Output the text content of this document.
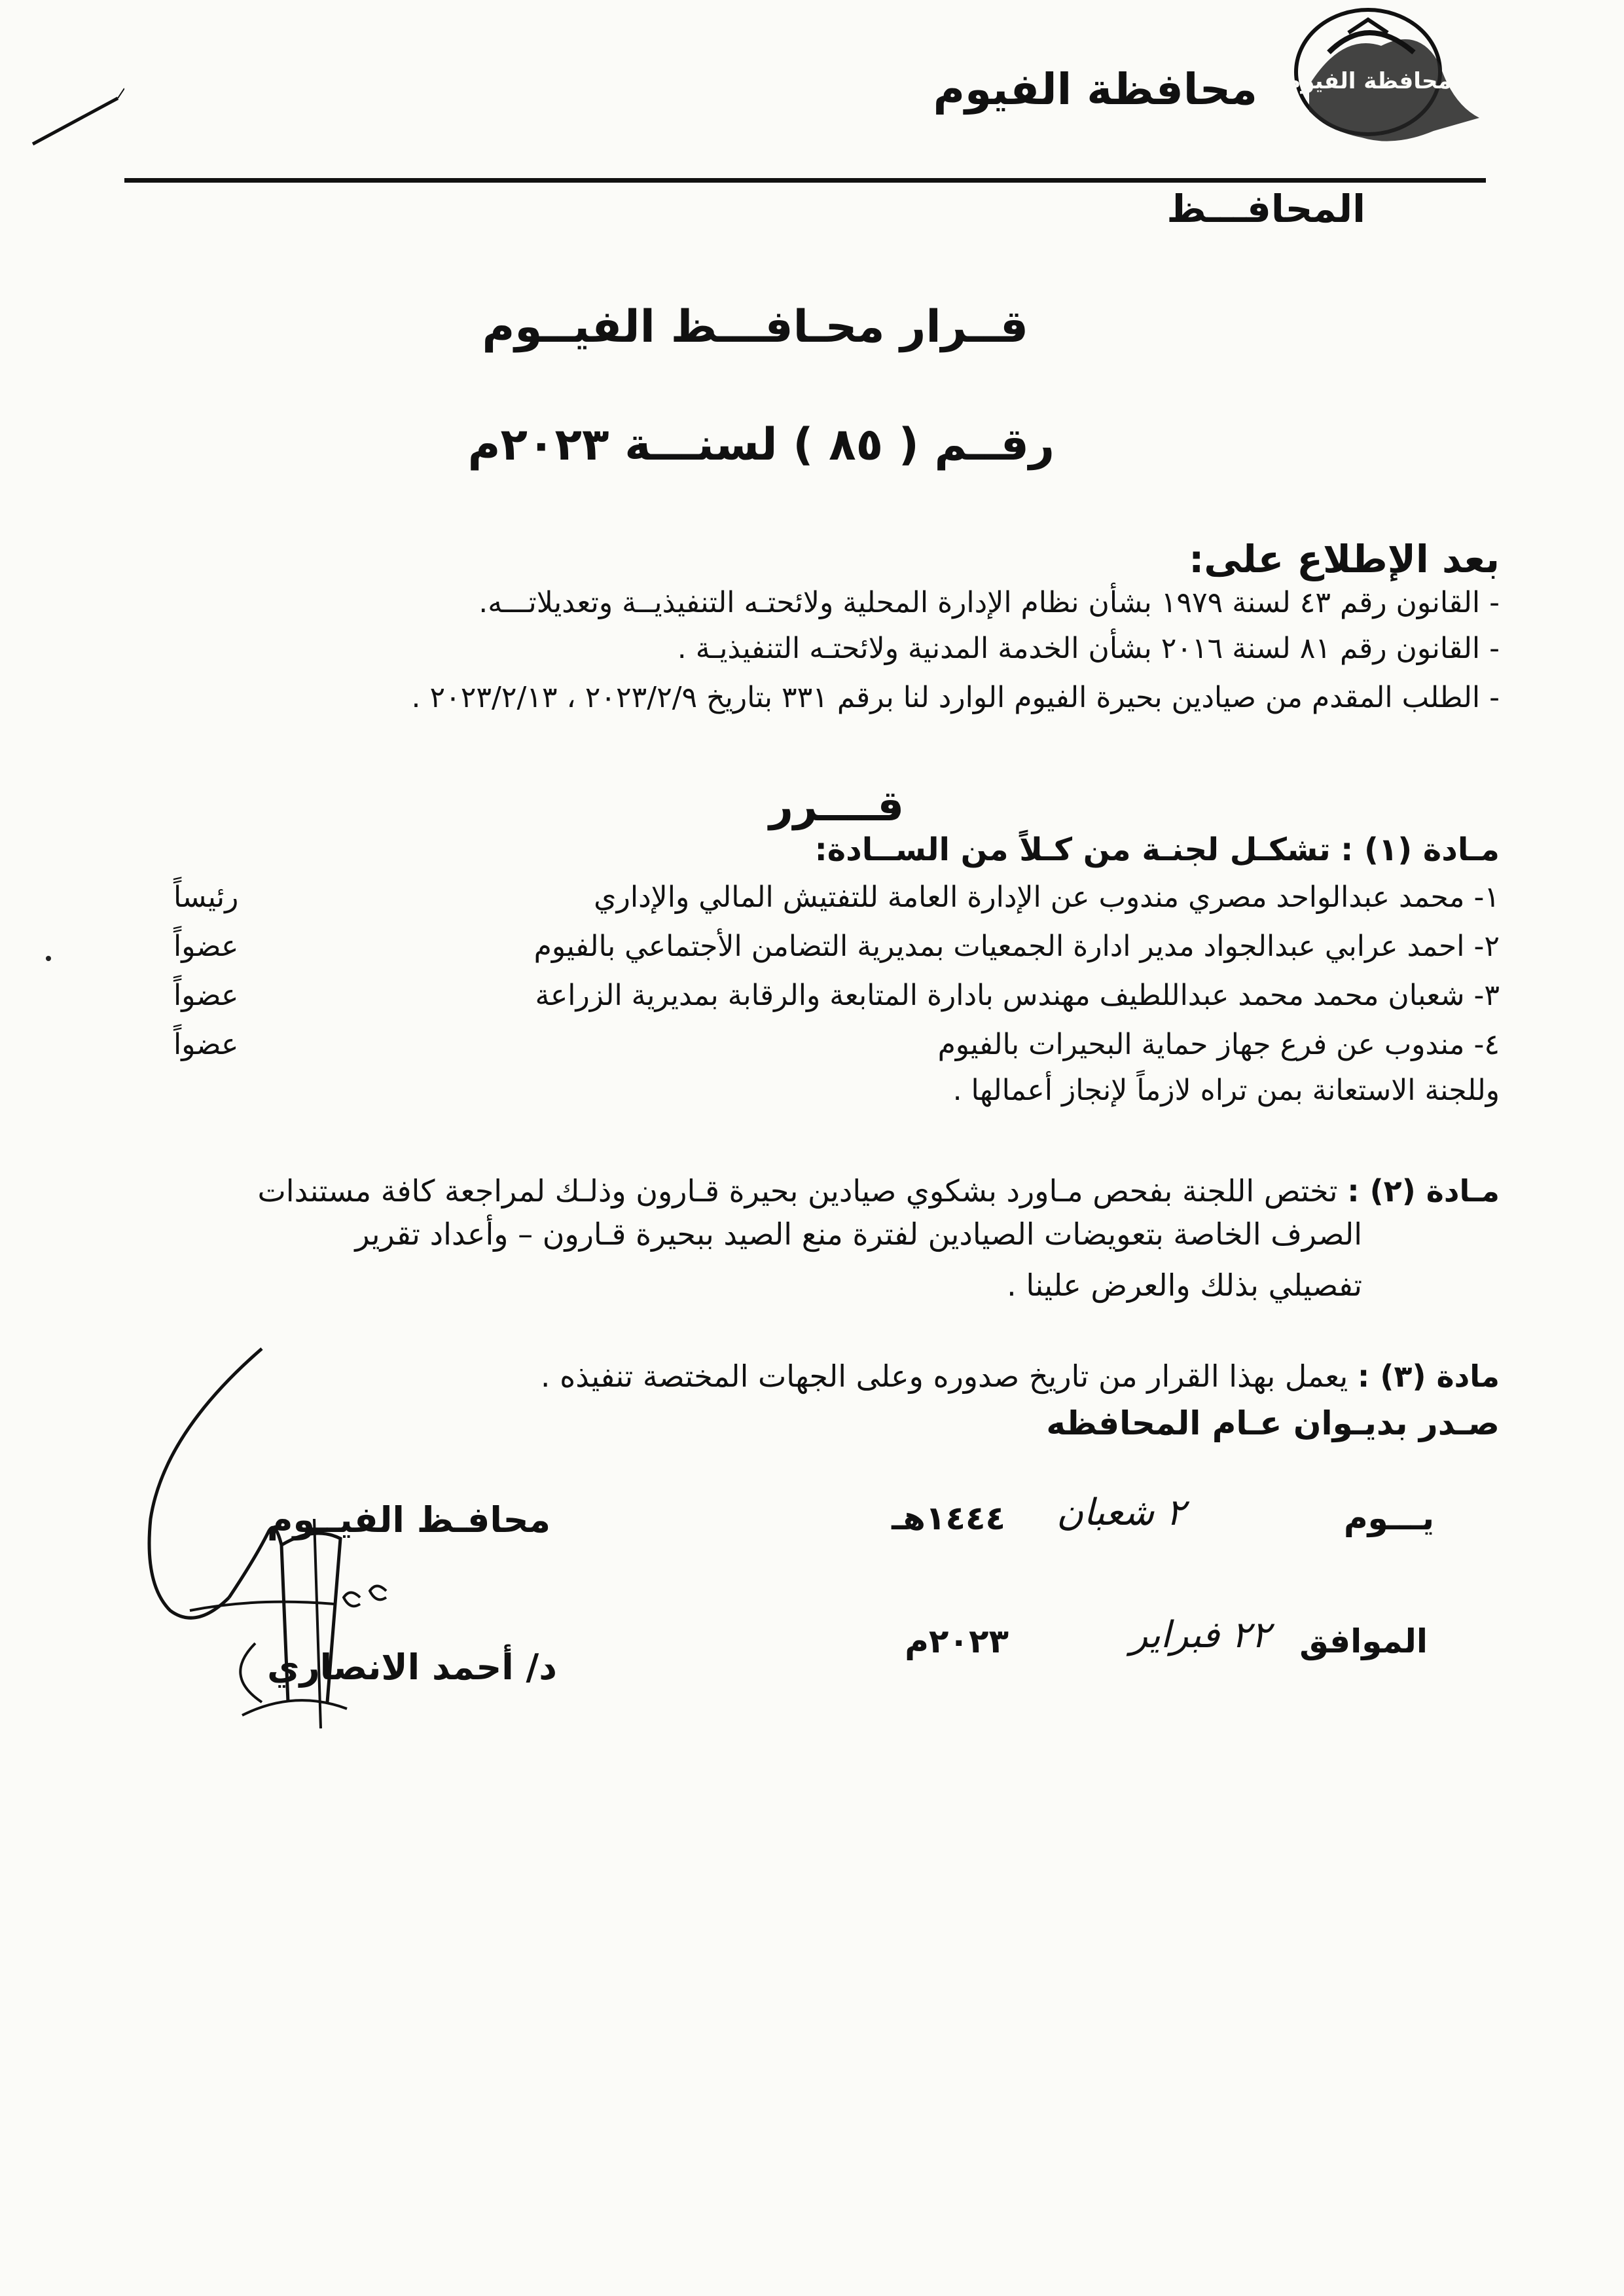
محافظة الفيوم
محافظة الفيوم
المحافـــظ
قــرار محـافـــظ الفيــوم
رقــم ( ٨٥ ) لسنـــة ٢٠٢٣م
بعد الإطلاع على:
- القانون رقم ٤٣ لسنة ١٩٧٩ بشأن نظام الإدارة المحلية ولائحتـه التنفيذيــة وتعديلاتـــه.
- القانون رقم ٨١ لسنة ٢٠١٦ بشأن الخدمة المدنية ولائحتـه التنفيذيـة .
- الطلب المقدم من صيادين بحيرة الفيوم الوارد لنا برقم ٣٣١ بتاريخ ٢٠٢٣/٢/٩ ، ٢٠٢٣/٢/١٣ .
قــــرر
مـادة (١) : تشكـل لجنـة من كـلاً من الســادة:
١- محمد عبدالواحد مصري مندوب عن الإدارة العامة للتفتيش المالي والإداري
رئيساً
٢- احمد عرابي عبدالجواد مدير ادارة الجمعيات بمديرية التضامن الأجتماعي بالفيوم
عضواً
٣- شعبان محمد محمد عبداللطيف مهندس بادارة المتابعة والرقابة بمديرية الزراعة
عضواً
٤- مندوب عن فرع جهاز حماية البحيرات بالفيوم
عضواً
وللجنة الاستعانة بمن تراه لازماً لإنجاز أعمالها .
مـادة (٢) : تختص اللجنة بفحص مـاورد بشكوي صيادين بحيرة قـارون وذلـك لمراجعة كافة مستندات
الصرف الخاصة بتعويضات الصيادين لفترة منع الصيد ببحيرة قـارون – وأعداد تقرير
تفصيلي بذلك والعرض علينا .
مادة (٣) : يعمل بهذا القرار من تاريخ صدوره وعلى الجهات المختصة تنفيذه .
صـدر بديـوان عـام المحافظه
يـــوم
٢ شعبان
١٤٤٤هـ
الموافق
٢٢ فبراير
٢٠٢٣م
محافـظ الفيــوم
د/ أحمد الانصاري
